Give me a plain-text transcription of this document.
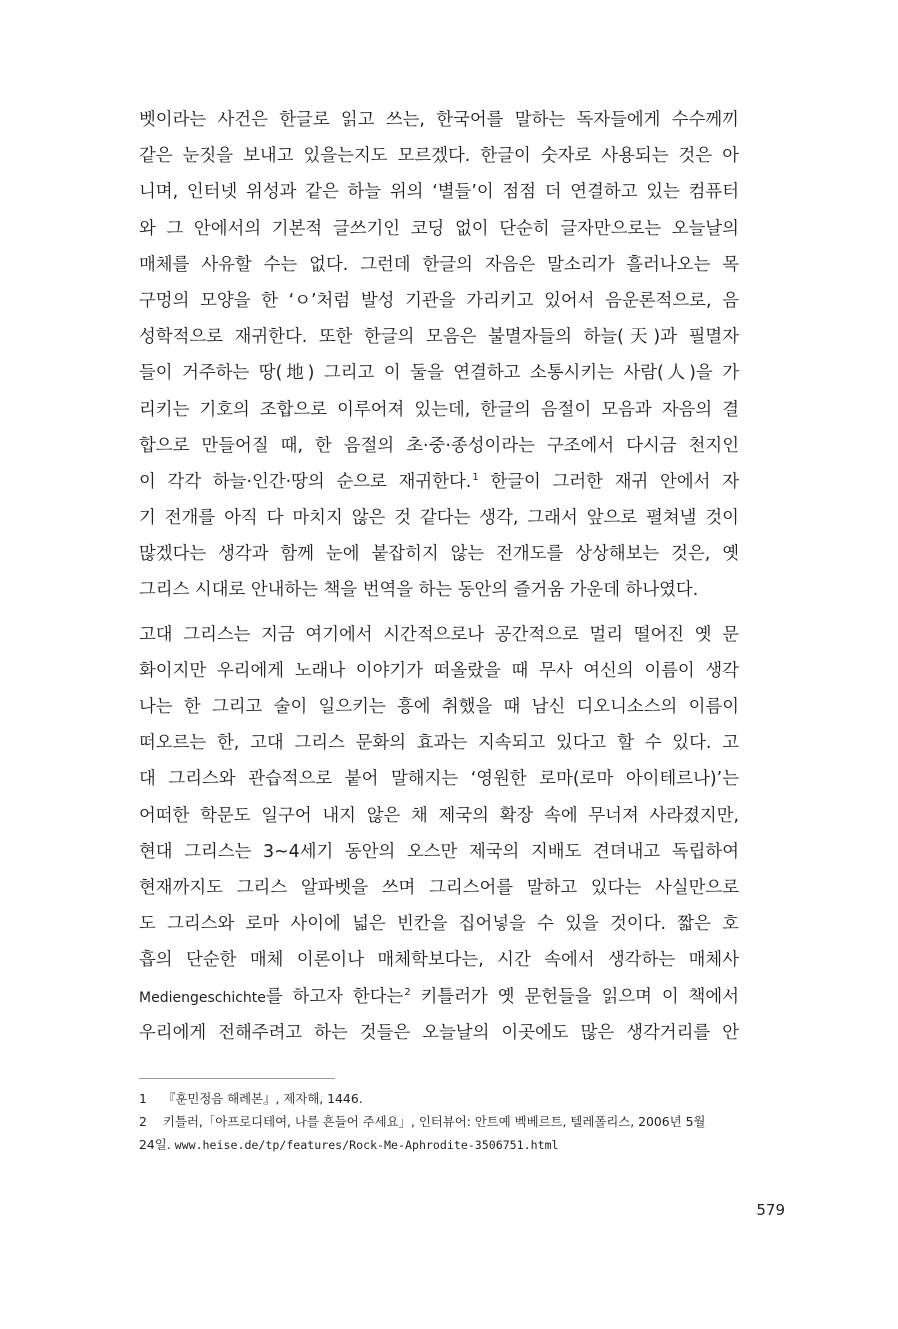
벳이라는 사건은 한글로 읽고 쓰는, 한국어를 말하는 독자들에게 수수께끼
같은 눈짓을 보내고 있을는지도 모르겠다. 한글이 숫자로 사용되는 것은 아
니며, 인터넷 위성과 같은 하늘 위의 ‘별들’이 점점 더 연결하고 있는 컴퓨터
와 그 안에서의 기본적 글쓰기인 코딩 없이 단순히 글자만으로는 오늘날의
매체를 사유할 수는 없다. 그런데 한글의 자음은 말소리가 흘러나오는 목
구멍의 모양을 한 ‘ㅇ’처럼 발성 기관을 가리키고 있어서 음운론적으로, 음
성학적으로 재귀한다. 또한 한글의 모음은 불멸자들의 하늘(天)과 필멸자
들이 거주하는 땅(地) 그리고 이 둘을 연결하고 소통시키는 사람(人)을 가
리키는 기호의 조합으로 이루어져 있는데, 한글의 음절이 모음과 자음의 결
합으로 만들어질 때, 한 음절의 초·중·종성이라는 구조에서 다시금 천지인
이 각각 하늘·인간·땅의 순으로 재귀한다.$^1$ 한글이 그러한 재귀 안에서 자
기 전개를 아직 다 마치지 않은 것 같다는 생각, 그래서 앞으로 펼쳐낼 것이
많겠다는 생각과 함께 눈에 붙잡히지 않는 전개도를 상상해보는 것은, 옛
그리스 시대로 안내하는 책을 번역을 하는 동안의 즐거움 가운데 하나였다.
고대 그리스는 지금 여기에서 시간적으로나 공간적으로 멀리 떨어진 옛 문
화이지만 우리에게 노래나 이야기가 떠올랐을 때 무사 여신의 이름이 생각
나는 한 그리고 술이 일으키는 흥에 취했을 때 남신 디오니소스의 이름이
떠오르는 한, 고대 그리스 문화의 효과는 지속되고 있다고 할 수 있다. 고
대 그리스와 관습적으로 붙어 말해지는 ‘영원한 로마(로마 아이테르나)’는
어떠한 학문도 일구어 내지 않은 채 제국의 확장 속에 무너져 사라졌지만,
현대 그리스는 3~4세기 동안의 오스만 제국의 지배도 견뎌내고 독립하여
현재까지도 그리스 알파벳을 쓰며 그리스어를 말하고 있다는 사실만으로
도 그리스와 로마 사이에 넓은 빈칸을 집어넣을 수 있을 것이다. 짧은 호
흡의 단순한 매체 이론이나 매체학보다는, 시간 속에서 생각하는 매체사
Mediengeschichte를 하고자 한다는$^2$ 키틀러가 옛 문헌들을 읽으며 이 책에서
우리에게 전해주려고 하는 것들은 오늘날의 이곳에도 많은 생각거리를 안
1 『훈민정음 해례본』, 제자해, 1446.
2 키틀러,「아프로디테여, 나를 흔들어 주세요」, 인터뷰어: 안트예 벡베르트, 텔레폴리스, 2006년 5월
24일. www.heise.de/tp/features/Rock-Me-Aphrodite-3506751.html
579
